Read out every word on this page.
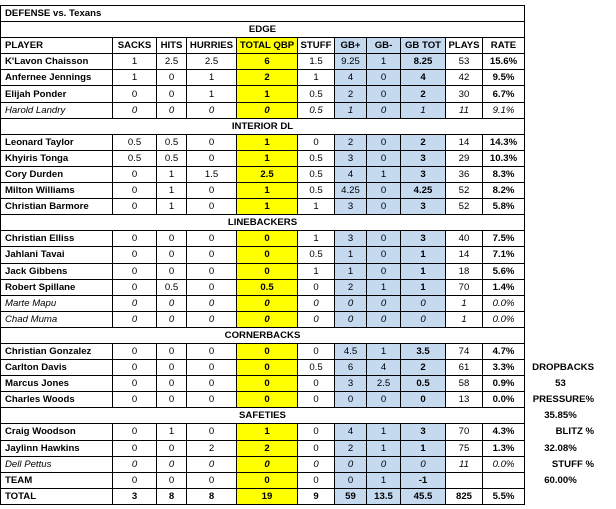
DEFENSE vs. Texans											
EDGE											
PLAYER	SACKS	HITS	HURRIES	TOTAL QBP	STUFF	GB+	GB-	GB TOT	PLAYS	RATE	
K'Lavon Chaisson	1	2.5	2.5	6	1.5	9.25	1	8.25	53	15.6%	
Anfernee Jennings	1	0	1	2	1	4	0	4	42	9.5%	
Elijah Ponder	0	0	1	1	0.5	2	0	2	30	6.7%	
Harold Landry	0	0	0	0	0.5	1	0	1	11	9.1%	
INTERIOR DL											
Leonard Taylor	0.5	0.5	0	1	0	2	0	2	14	14.3%	
Khyiris Tonga	0.5	0.5	0	1	0.5	3	0	3	29	10.3%	
Cory Durden	0	1	1.5	2.5	0.5	4	1	3	36	8.3%	
Milton Williams	0	1	0	1	0.5	4.25	0	4.25	52	8.2%	
Christian Barmore	0	1	0	1	1	3	0	3	52	5.8%	
LINEBACKERS											
Christian Elliss	0	0	0	0	1	3	0	3	40	7.5%	
Jahlani Tavai	0	0	0	0	0.5	1	0	1	14	7.1%	
Jack Gibbens	0	0	0	0	1	1	0	1	18	5.6%	
Robert Spillane	0	0.5	0	0.5	0	2	1	1	70	1.4%	
Marte Mapu	0	0	0	0	0	0	0	0	1	0.0%	
Chad Muma	0	0	0	0	0	0	0	0	1	0.0%	
CORNERBACKS											
Christian Gonzalez	0	0	0	0	0	4.5	1	3.5	74	4.7%	
Carlton Davis	0	0	0	0	0.5	6	4	2	61	3.3%	DROPBACKS
Marcus Jones	0	0	0	0	0	3	2.5	0.5	58	0.9%	53
Charles Woods	0	0	0	0	0	0	0	0	13	0.0%	PRESSURE%
SAFETIES											35.85%
Craig Woodson	0	1	0	1	0	4	1	3	70	4.3%	BLITZ %
Jaylinn Hawkins	0	0	2	2	0	2	1	1	75	1.3%	32.08%
Dell Pettus	0	0	0	0	0	0	0	0	11	0.0%	STUFF %
TEAM	0	0	0	0	0	0	1	-1			60.00%
TOTAL	3	8	8	19	9	59	13.5	45.5	825	5.5%	
